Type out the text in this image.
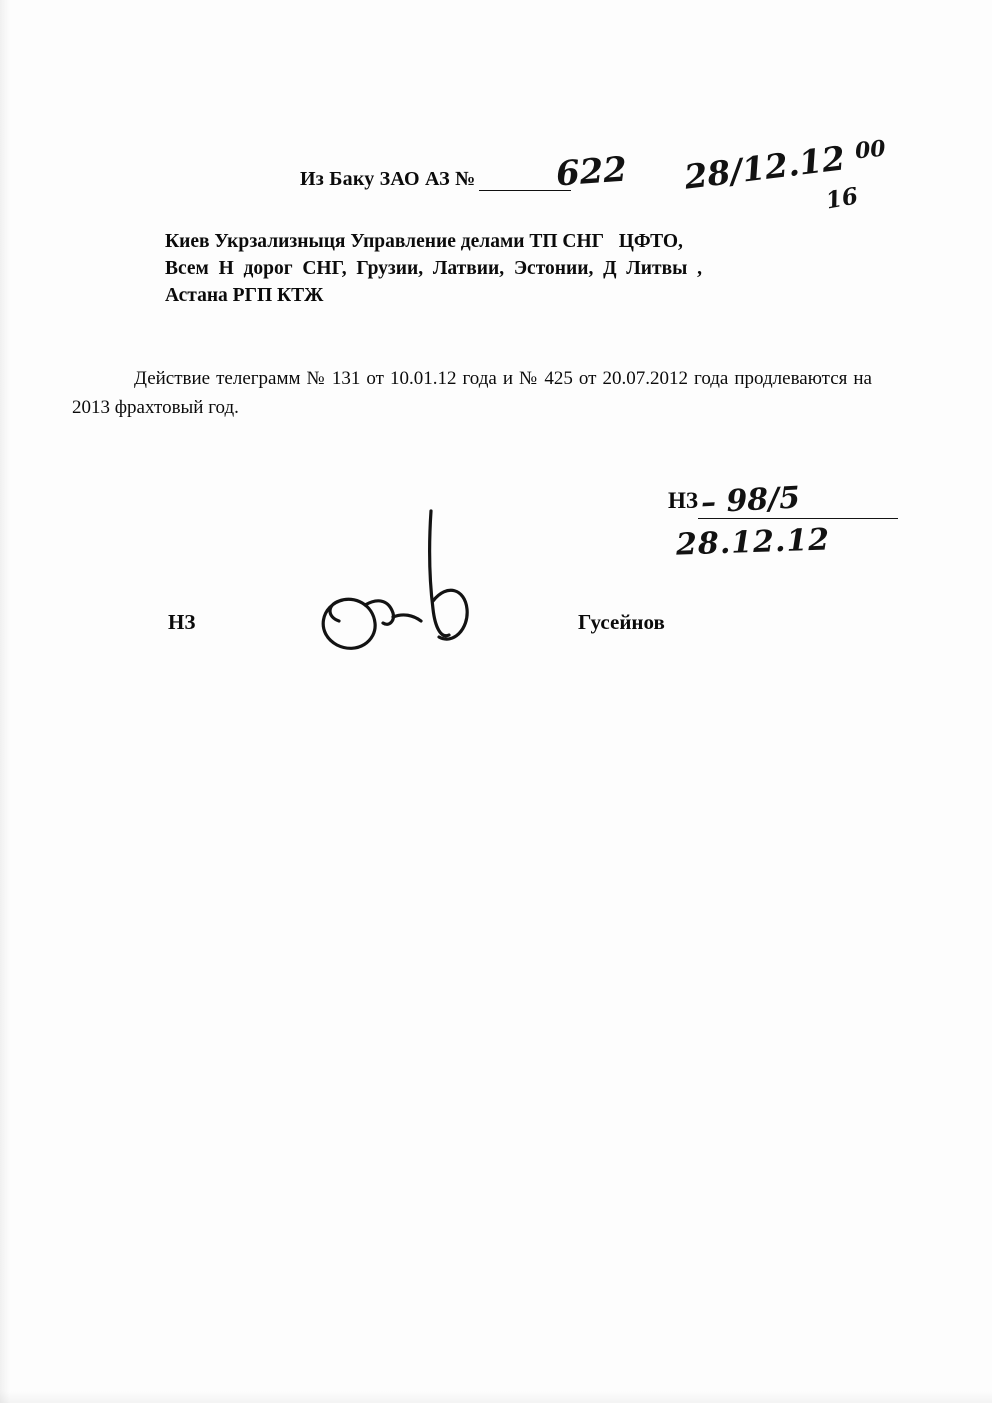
Из Баку ЗАО АЗ № 622 28/12.12 00
16
Киев Укрзализныця Управление делами ТП СНГ   ЦФТО,
Всем  Н  дорог  СНГ,  Грузии,  Латвии,  Эстонии,  Д  Литвы  ,
Астана РГП КТЖ
Действие телеграмм № 131 от 10.01.12 года и № 425 от 20.07.2012 года продлеваются на 2013 фрахтовый год.
НЗ – 98/5
28.12.12
НЗ	Гусейнов
